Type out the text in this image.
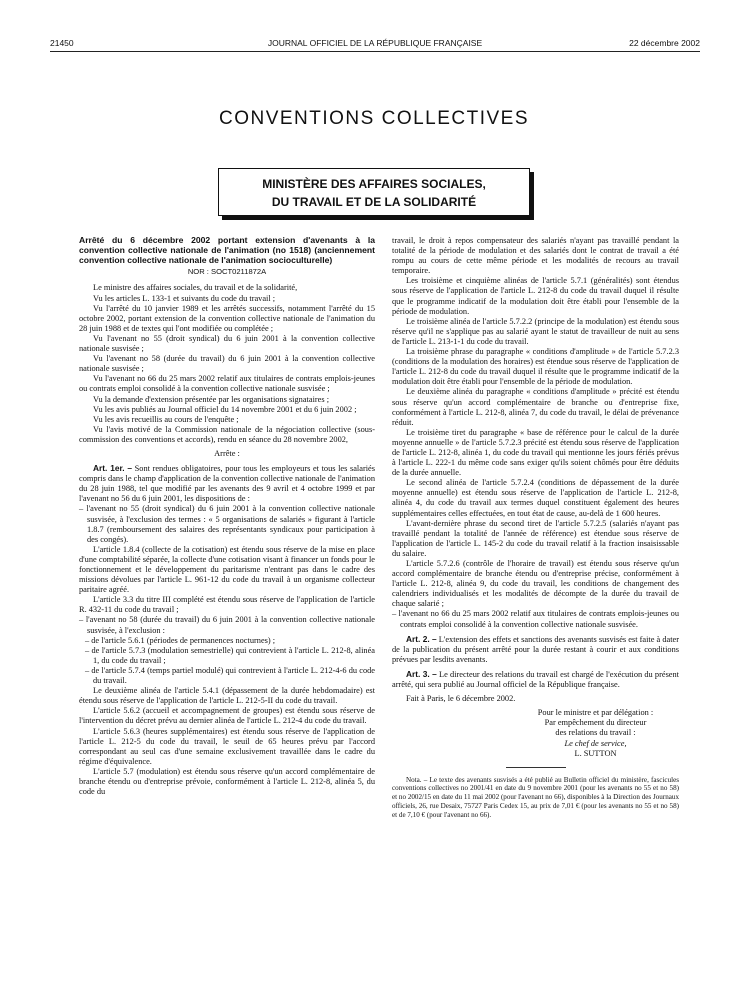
21450	JOURNAL OFFICIEL DE LA RÉPUBLIQUE FRANÇAISE	22 décembre 2002
CONVENTIONS COLLECTIVES
MINISTÈRE DES AFFAIRES SOCIALES,
DU TRAVAIL ET DE LA SOLIDARITÉ

Arrêté du 6 décembre 2002 portant extension d'avenants à la convention collective nationale de l'animation (no 1518) (anciennement convention collective nationale de l'animation socioculturelle)

NOR : SOCT0211872A

Le ministre des affaires sociales, du travail et de la solidarité,

Vu les articles L. 133-1 et suivants du code du travail ;

Vu l'arrêté du 10 janvier 1989 et les arrêtés successifs, notamment l'arrêté du 15 octobre 2002, portant extension de la convention collective nationale de l'animation du 28 juin 1988 et de textes qui l'ont modifiée ou complétée ;

Vu l'avenant no 55 (droit syndical) du 6 juin 2001 à la convention collective nationale susvisée ;

Vu l'avenant no 58 (durée du travail) du 6 juin 2001 à la convention collective nationale susvisée ;

Vu l'avenant no 66 du 25 mars 2002 relatif aux titulaires de contrats emplois-jeunes ou contrats emploi consolidé à la convention collective nationale susvisée ;

Vu la demande d'extension présentée par les organisations signataires ;

Vu les avis publiés au Journal officiel du 14 novembre 2001 et du 6 juin 2002 ;

Vu les avis recueillis au cours de l'enquête ;

Vu l'avis motivé de la Commission nationale de la négociation collective (sous-commission des conventions et accords), rendu en séance du 28 novembre 2002,

Arrête :

Art. 1er. – Sont rendues obligatoires, pour tous les employeurs et tous les salariés compris dans le champ d'application de la convention collective nationale de l'animation du 28 juin 1988, tel que modifié par les avenants des 9 avril et 4 octobre 1999 et par l'avenant no 56 du 6 juin 2001, les dispositions de :

– l'avenant no 55 (droit syndical) du 6 juin 2001 à la convention collective nationale susvisée, à l'exclusion des termes : « 5 organisations de salariés » figurant à l'article 1.8.7 (remboursement des salaires des représentants syndicaux pour participation à des congés).

L'article 1.8.4 (collecte de la cotisation) est étendu sous réserve de la mise en place d'une comptabilité séparée, la collecte d'une cotisation visant à financer un fonds pour le fonctionnement et le développement du paritarisme n'entrant pas dans le cadre des missions dévolues par l'article L. 961-12 du code du travail à un organisme collecteur paritaire agréé.

L'article 3.3 du titre III complété est étendu sous réserve de l'application de l'article R. 432-11 du code du travail ;

– l'avenant no 58 (durée du travail) du 6 juin 2001 à la convention collective nationale susvisée, à l'exclusion :

– de l'article 5.6.1 (périodes de permanences nocturnes) ;

– de l'article 5.7.3 (modulation semestrielle) qui contrevient à l'article L. 212-8, alinéa 1, du code du travail ;

– de l'article 5.7.4 (temps partiel modulé) qui contrevient à l'article L. 212-4-6 du code du travail.

Le deuxième alinéa de l'article 5.4.1 (dépassement de la durée hebdomadaire) est étendu sous réserve de l'application de l'article L. 212-5-II du code du travail.

L'article 5.6.2 (accueil et accompagnement de groupes) est étendu sous réserve de l'intervention du décret prévu au dernier alinéa de l'article L. 212-4 du code du travail.

L'article 5.6.3 (heures supplémentaires) est étendu sous réserve de l'application de l'article L. 212-5 du code du travail, le seuil de 65 heures prévu par l'accord correspondant au seul cas d'une semaine exclusivement travaillée dans le cadre du régime d'équivalence.

L'article 5.7 (modulation) est étendu sous réserve qu'un accord complémentaire de branche étendu ou d'entreprise prévoie, conformément à l'article L. 212-8, alinéa 5, du code du

travail, le droit à repos compensateur des salariés n'ayant pas travaillé pendant la totalité de la période de modulation et des salariés dont le contrat de travail a été rompu au cours de cette même période et les modalités de recours au travail temporaire.

Les troisième et cinquième alinéas de l'article 5.7.1 (généralités) sont étendus sous réserve de l'application de l'article L. 212-8 du code du travail duquel il résulte que le programme indicatif de la modulation doit être établi pour l'ensemble de la période de modulation.

Le troisième alinéa de l'article 5.7.2.2 (principe de la modulation) est étendu sous réserve qu'il ne s'applique pas au salarié ayant le statut de travailleur de nuit au sens de l'article L. 213-1-1 du code du travail.

La troisième phrase du paragraphe « conditions d'amplitude » de l'article 5.7.2.3 (conditions de la modulation des horaires) est étendue sous réserve de l'application de l'article L. 212-8 du code du travail duquel il résulte que le programme indicatif de la modulation doit être établi pour l'ensemble de la période de modulation.

Le deuxième alinéa du paragraphe « conditions d'amplitude » précité est étendu sous réserve qu'un accord complémentaire de branche ou d'entreprise fixe, conformément à l'article L. 212-8, alinéa 7, du code du travail, le délai de prévenance réduit.

Le troisième tiret du paragraphe « base de référence pour le calcul de la durée moyenne annuelle » de l'article 5.7.2.3 précité est étendu sous réserve de l'application de l'article L. 212-8, alinéa 1, du code du travail qui mentionne les jours fériés prévus à l'article L. 222-1 du même code sans exiger qu'ils soient chômés pour être déduits de la durée annuelle.

Le second alinéa de l'article 5.7.2.4 (conditions de dépassement de la durée moyenne annuelle) est étendu sous réserve de l'application de l'article L. 212-8, alinéa 4, du code du travail aux termes duquel constituent également des heures supplémentaires celles effectuées, en tout état de cause, au-delà de 1 600 heures.

L'avant-dernière phrase du second tiret de l'article 5.7.2.5 (salariés n'ayant pas travaillé pendant la totalité de l'année de référence) est étendue sous réserve de l'application de l'article L. 145-2 du code du travail relatif à la fraction insaisissable du salaire.

L'article 5.7.2.6 (contrôle de l'horaire de travail) est étendu sous réserve qu'un accord complémentaire de branche étendu ou d'entreprise précise, conformément à l'article L. 212-8, alinéa 9, du code du travail, les conditions de changement des calendriers individualisés et les modalités de décompte de la durée du travail de chaque salarié ;

– l'avenant no 66 du 25 mars 2002 relatif aux titulaires de contrats emplois-jeunes ou contrats emploi consolidé à la convention collective nationale susvisée.

Art. 2. – L'extension des effets et sanctions des avenants susvisés est faite à dater de la publication du présent arrêté pour la durée restant à courir et aux conditions prévues par lesdits avenants.

Art. 3. – Le directeur des relations du travail est chargé de l'exécution du présent arrêté, qui sera publié au Journal officiel de la République française.

Fait à Paris, le 6 décembre 2002.

Pour le ministre et par délégation :

Par empêchement du directeur

des relations du travail :

Le chef de service,

L. SUTTON

Nota. – Le texte des avenants susvisés a été publié au Bulletin officiel du ministère, fascicules conventions collectives no 2001/41 en date du 9 novembre 2001 (pour les avenants no 55 et no 58) et no 2002/15 en date du 11 mai 2002 (pour l'avenant no 66), disponibles à la Direction des Journaux officiels, 26, rue Desaix, 75727 Paris Cedex 15, au prix de 7,01 € (pour les avenants no 55 et no 58) et de 7,10 € (pour l'avenant no 66).
